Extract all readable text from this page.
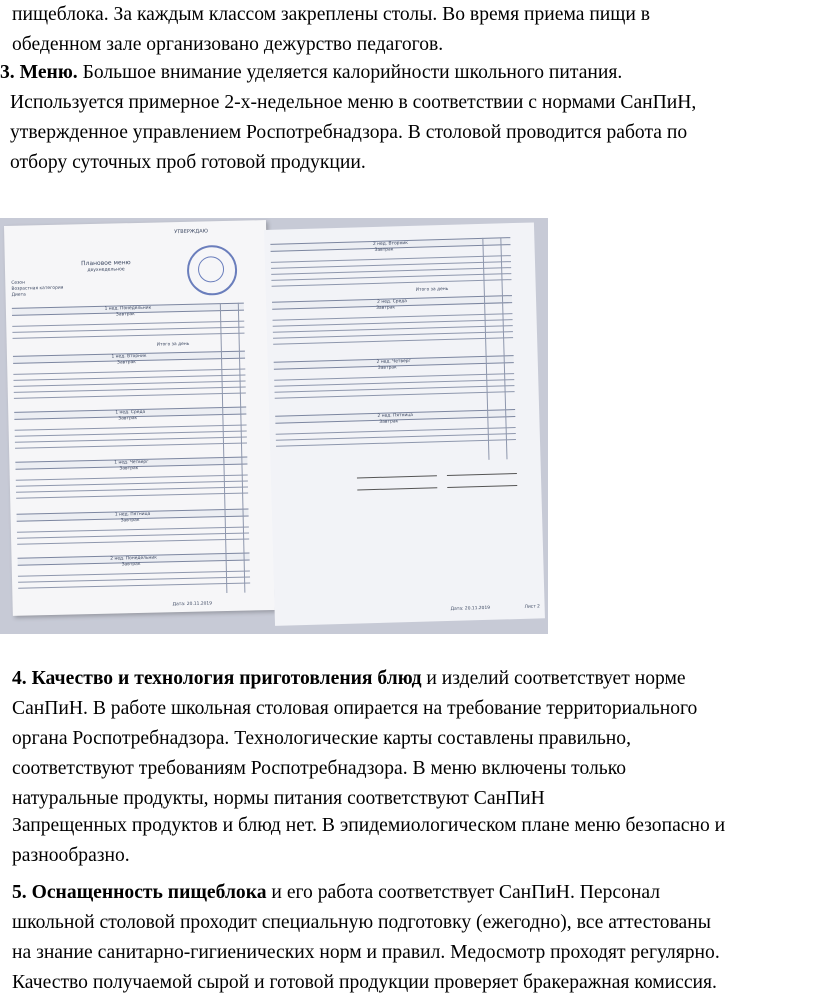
пищеблока. За каждым классом закреплены столы. Во время приема пищи в
обеденном зале организовано дежурство педагогов.
3. Меню. Большое внимание уделяется калорийности школьного питания.
Используется примерное 2-х-недельное меню в соответствии с нормами СанПиН,
утвержденное управлением Роспотребнадзора. В столовой проводится работа по
отбору суточных проб готовой продукции.
УТВЕРЖДАЮ
Плановое меню
двухнедельное
Сезон
Возрастная категория
Диета
1 нед. Понедельник
Завтрак
Итого за день
1 нед. Вторник
Завтрак
1 нед. Среда
Завтрак
1 нед. Четверг
Завтрак
1 нед. Пятница
Завтрак
2 нед. Понедельник
Завтрак
Дата: 20.11.2019
2 нед. Вторник
Завтрак
Итого за день
2 нед. Среда
Завтрак
2 нед. Четверг
Завтрак
2 нед. Пятница
Завтрак
Дата: 20.11.2019	Лист 2
4. Качество и технология приготовления блюд и изделий соответствует норме
СанПиН. В работе школьная столовая опирается на требование территориального
органа Роспотребнадзора. Технологические карты составлены правильно,
соответствуют требованиям Роспотребнадзора. В меню включены только
натуральные продукты, нормы питания соответствуют СанПиН
Запрещенных продуктов и блюд нет. В эпидемиологическом плане меню безопасно и
разнообразно.
5. Оснащенность пищеблока и его работа соответствует СанПиН. Персонал
школьной столовой проходит специальную подготовку (ежегодно), все аттестованы
на знание санитарно-гигиенических норм и правил. Медосмотр проходят регулярно.
Качество получаемой сырой и готовой продукции проверяет бракеражная комиссия.
